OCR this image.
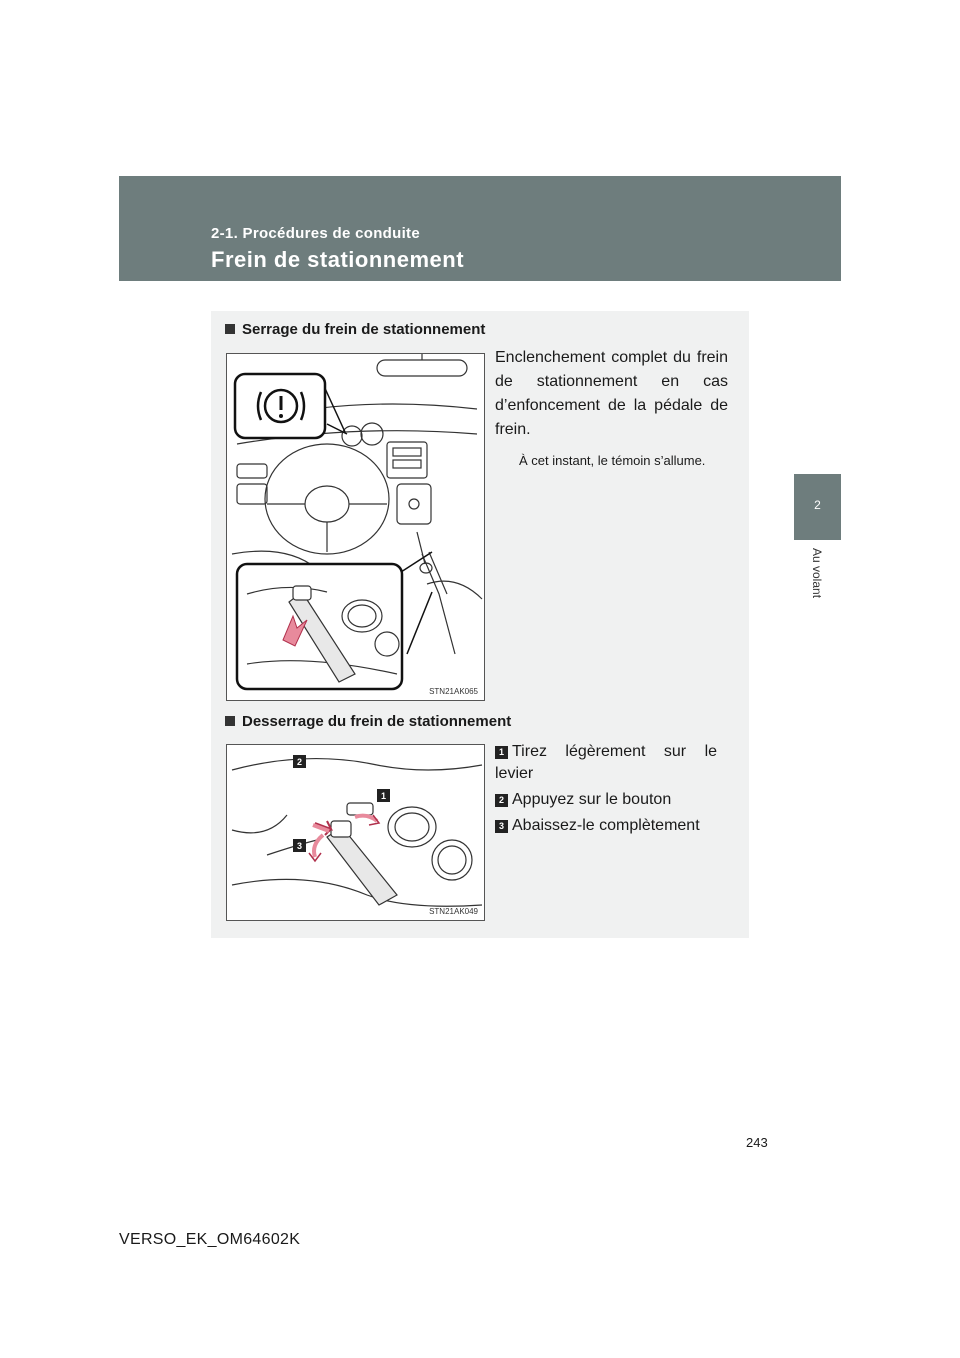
2-1. Procédures de conduite
Frein de stationnement
2
Au volant
Serrage du frein de stationnement
STN21AK065
Enclenchement complet du frein de stationnement en cas d’enfoncement de la pédale de frein.
À cet instant, le témoin s’allume.
Desserrage du frein de stationnement
2
1
3
STN21AK049
1 Tirez légèrement sur le levier
2 Appuyez sur le bouton
3 Abaissez-le complètement
243
VERSO_EK_OM64602K
